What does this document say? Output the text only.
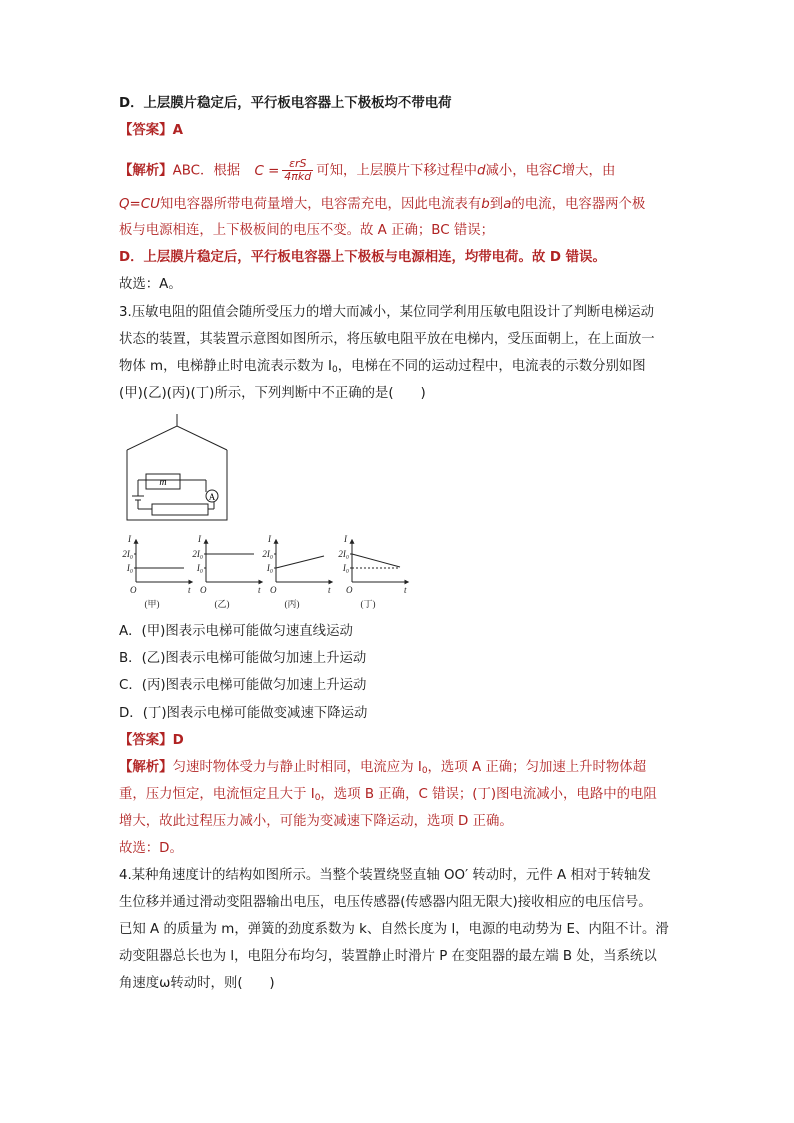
D．上层膜片稳定后，平行板电容器上下极板均不带电荷
【答案】A
【解析】ABC．根据 $C = \frac{\text{εrS}}{\text{4πkd}}$ 可知，上层膜片下移过程中d减小，电容C增大，由
Q=CU知电容器所带电荷量增大，电容需充电，因此电流表有b到a的电流，电容器两个极
板与电源相连，上下极板间的电压不变。故 A 正确；BC 错误；
D．上层膜片稳定后，平行板电容器上下极板与电源相连，均带电荷。故 D 错误。
故选：A。
3.压敏电阻的阻值会随所受压力的增大而减小，某位同学利用压敏电阻设计了判断电梯运动
状态的装置，其装置示意图如图所示，将压敏电阻平放在电梯内，受压面朝上，在上面放一
物体 m，电梯静止时电流表示数为 $I_0$，电梯在不同的运动过程中，电流表的示数分别如图
(甲)(乙)(丙)(丁)所示，下列判断中不正确的是(　　)
m
A
I
2I₀
I₀
O	t
(甲)
I
2I₀
I₀
O	t
(乙)
I
2I₀
I₀
O	t
(丙)
I
2I₀
I₀
O	t
(丁)
A．(甲)图表示电梯可能做匀速直线运动
B．(乙)图表示电梯可能做匀加速上升运动
C．(丙)图表示电梯可能做匀加速上升运动
D．(丁)图表示电梯可能做变减速下降运动
【答案】D
【解析】匀速时物体受力与静止时相同，电流应为 $I_0$，选项 A 正确；匀加速上升时物体超
重，压力恒定，电流恒定且大于 $I_0$，选项 B 正确，C 错误；(丁)图电流减小，电路中的电阻
增大，故此过程压力减小，可能为变减速下降运动，选项 D 正确。
故选：D。
4.某种角速度计的结构如图所示。当整个装置绕竖直轴 OO′ 转动时，元件 A 相对于转轴发
生位移并通过滑动变阻器输出电压，电压传感器(传感器内阻无限大)接收相应的电压信号。
已知 A 的质量为 m，弹簧的劲度系数为 k、自然长度为 l，电源的电动势为 E、内阻不计。滑
动变阻器总长也为 l，电阻分布均匀，装置静止时滑片 P 在变阻器的最左端 B 处，当系统以
角速度ω转动时，则(　　)
